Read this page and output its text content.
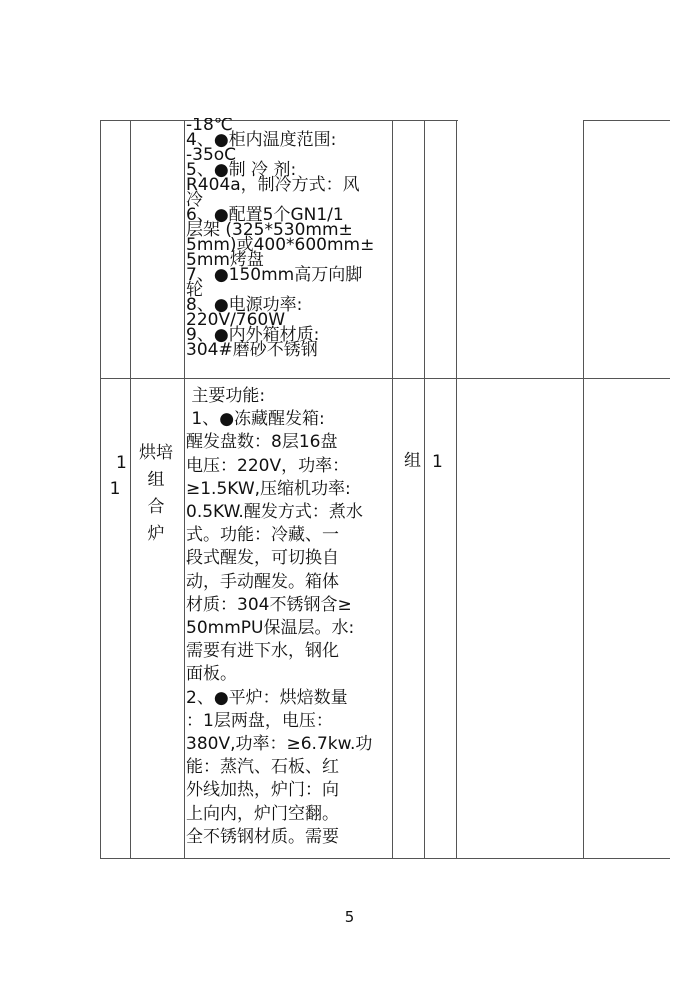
-18℃
4、●柜内温度范围:
-35oC
5、●制 冷 剂:
R404a，制冷方式：风
冷
6、●配置5个GN1/1
层架 (325*530mm±
5mm)或400*600mm±
5mm烤盘
7、●150mm高万向脚
轮
8、●电源功率:
220V/760W
9、●内外箱材质:
304#磨砂不锈钢
1
1
烘培
组
合
炉
主要功能:
1、●冻藏醒发箱:
醒发盘数：8层16盘
电压：220V，功率：
≥1.5KW,压缩机功率:
0.5KW.醒发方式：煮水
式。功能：冷藏、一
段式醒发，可切换自
动，手动醒发。箱体
材质：304不锈钢含≥
50mmPU保温层。水:
需要有进下水，钢化
面板。
2、●平炉：烘焙数量
：1层两盘，电压：
380V,功率：≥6.7kw.功
能：蒸汽、石板、红
外线加热，炉门：向
上向内，炉门空翻。
全不锈钢材质。需要
组 1
5
